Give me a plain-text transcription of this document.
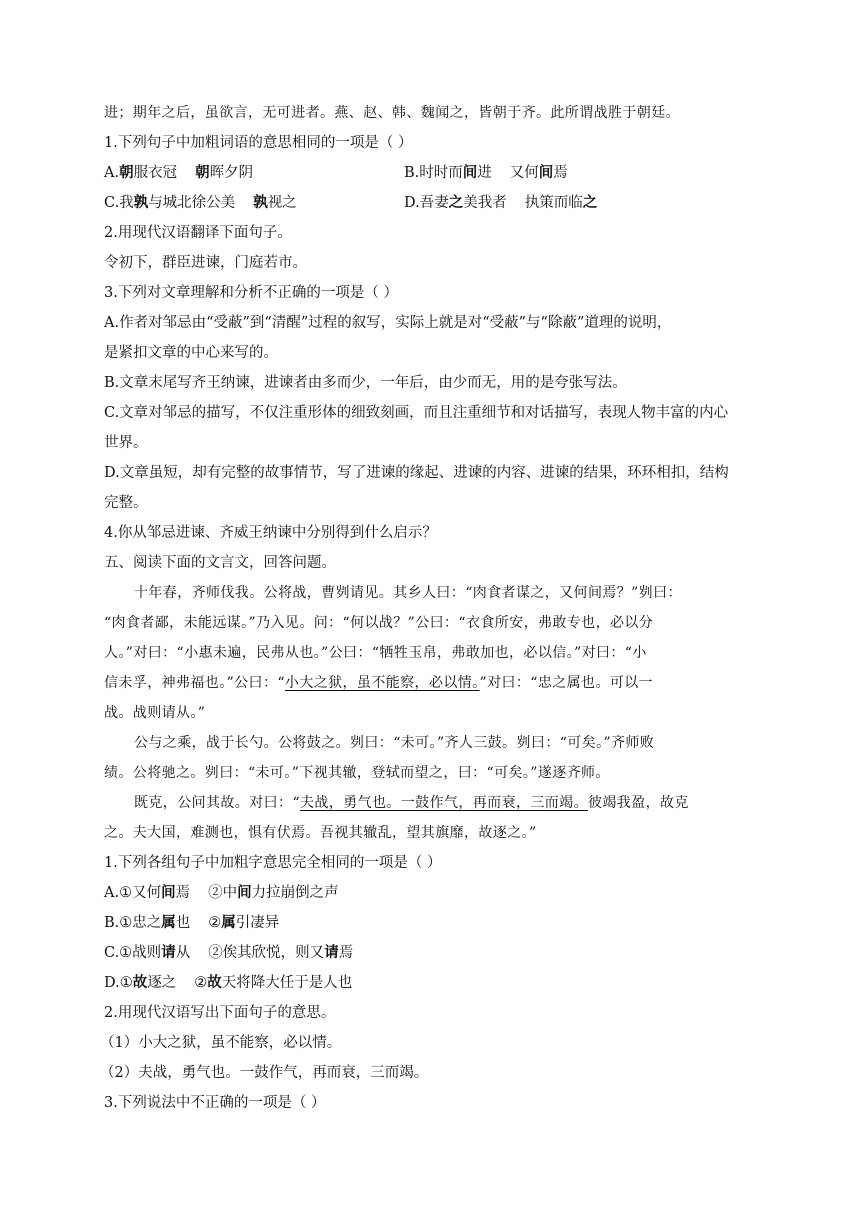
进；期年之后，虽欲言，无可进者。燕、赵、韩、魏闻之，皆朝于齐。此所谓战胜于朝廷。
1.下列句子中加粗词语的意思相同的一项是（ ）
A.朝服衣冠 朝晖夕阴	B.时时而间进 又何间焉
C.我孰与城北徐公美 孰视之	D.吾妻之美我者 执策而临之
2.用现代汉语翻译下面句子。
令初下，群臣进谏，门庭若市。
3.下列对文章理解和分析不正确的一项是（ ）
A.作者对邹忌由“受蔽”到“清醒”过程的叙写，实际上就是对“受蔽”与“除蔽”道理的说明，
是紧扣文章的中心来写的。
B.文章末尾写齐王纳谏，进谏者由多而少，一年后，由少而无，用的是夸张写法。
C.文章对邹忌的描写，不仅注重形体的细致刻画，而且注重细节和对话描写，表现人物丰富的内心
世界。
D.文章虽短，却有完整的故事情节，写了进谏的缘起、进谏的内容、进谏的结果，环环相扣，结构
完整。
4.你从邹忌进谏、齐威王纳谏中分别得到什么启示？
五、阅读下面的文言文，回答问题。
十年春，齐师伐我。公将战，曹刿请见。其乡人曰：“肉食者谋之，又何间焉？”刿曰：
“肉食者鄙，未能远谋。”乃入见。问：“何以战？”公曰：“衣食所安，弗敢专也，必以分
人。”对曰：“小惠未遍，民弗从也。”公曰：“牺牲玉帛，弗敢加也，必以信。”对曰：“小
信未孚，神弗福也。”公曰：“小大之狱，虽不能察，必以情。”对曰：“忠之属也。可以一
战。战则请从。”
公与之乘，战于长勺。公将鼓之。刿曰：“未可。”齐人三鼓。刿曰：“可矣。”齐师败
绩。公将驰之。刿曰：“未可。”下视其辙，登轼而望之，曰：“可矣。”遂逐齐师。
既克，公问其故。对曰：“夫战，勇气也。一鼓作气，再而衰，三而竭。彼竭我盈，故克
之。夫大国，难测也，惧有伏焉。吾视其辙乱，望其旗靡，故逐之。”
1.下列各组句子中加粗字意思完全相同的一项是（ ）
A.①又何间焉 ②中间力拉崩倒之声
B.①忠之属也 ②属引凄异
C.①战则请从 ②俟其欣悦，则又请焉
D.①故逐之 ②故天将降大任于是人也
2.用现代汉语写出下面句子的意思。
（1）小大之狱，虽不能察，必以情。
（2）夫战，勇气也。一鼓作气，再而衰，三而竭。
3.下列说法中不正确的一项是（ ）
